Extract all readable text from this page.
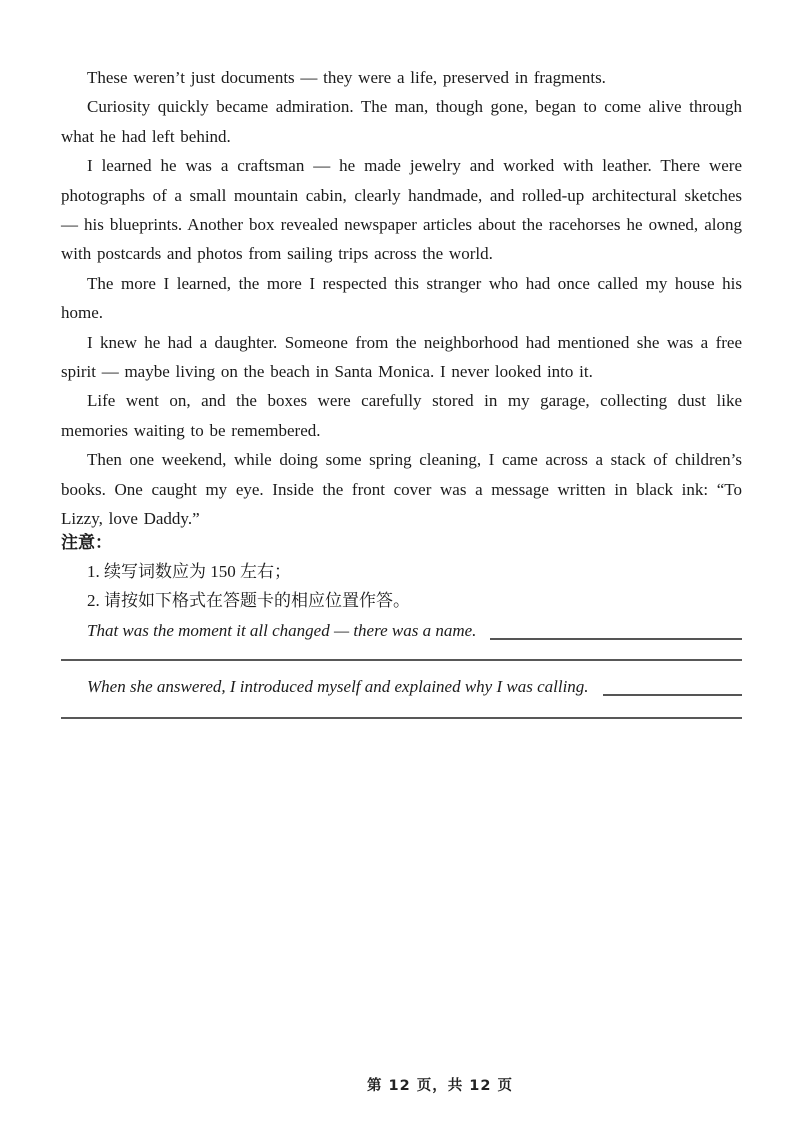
These weren’t just documents — they were a life, preserved in fragments.

Curiosity quickly became admiration. The man, though gone, began to come alive through what he had left behind.

I learned he was a craftsman — he made jewelry and worked with leather. There were photographs of a small mountain cabin, clearly handmade, and rolled-up architectural sketches — his blueprints. Another box revealed newspaper articles about the racehorses he owned, along with postcards and photos from sailing trips across the world.

The more I learned, the more I respected this stranger who had once called my house his home.

I knew he had a daughter. Someone from the neighborhood had mentioned she was a free spirit — maybe living on the beach in Santa Monica. I never looked into it.

Life went on, and the boxes were carefully stored in my garage, collecting dust like memories waiting to be remembered.

Then one weekend, while doing some spring cleaning, I came across a stack of children’s books. One caught my eye. Inside the front cover was a message written in black ink: “To Lizzy, love Daddy.”

注意：

1. 续写词数应为 150 左右；

2. 请按如下格式在答题卡的相应位置作答。

That was the moment it all changed — there was a name.
When she answered, I introduced myself and explained why I was calling.
第 12 页，共 12 页
